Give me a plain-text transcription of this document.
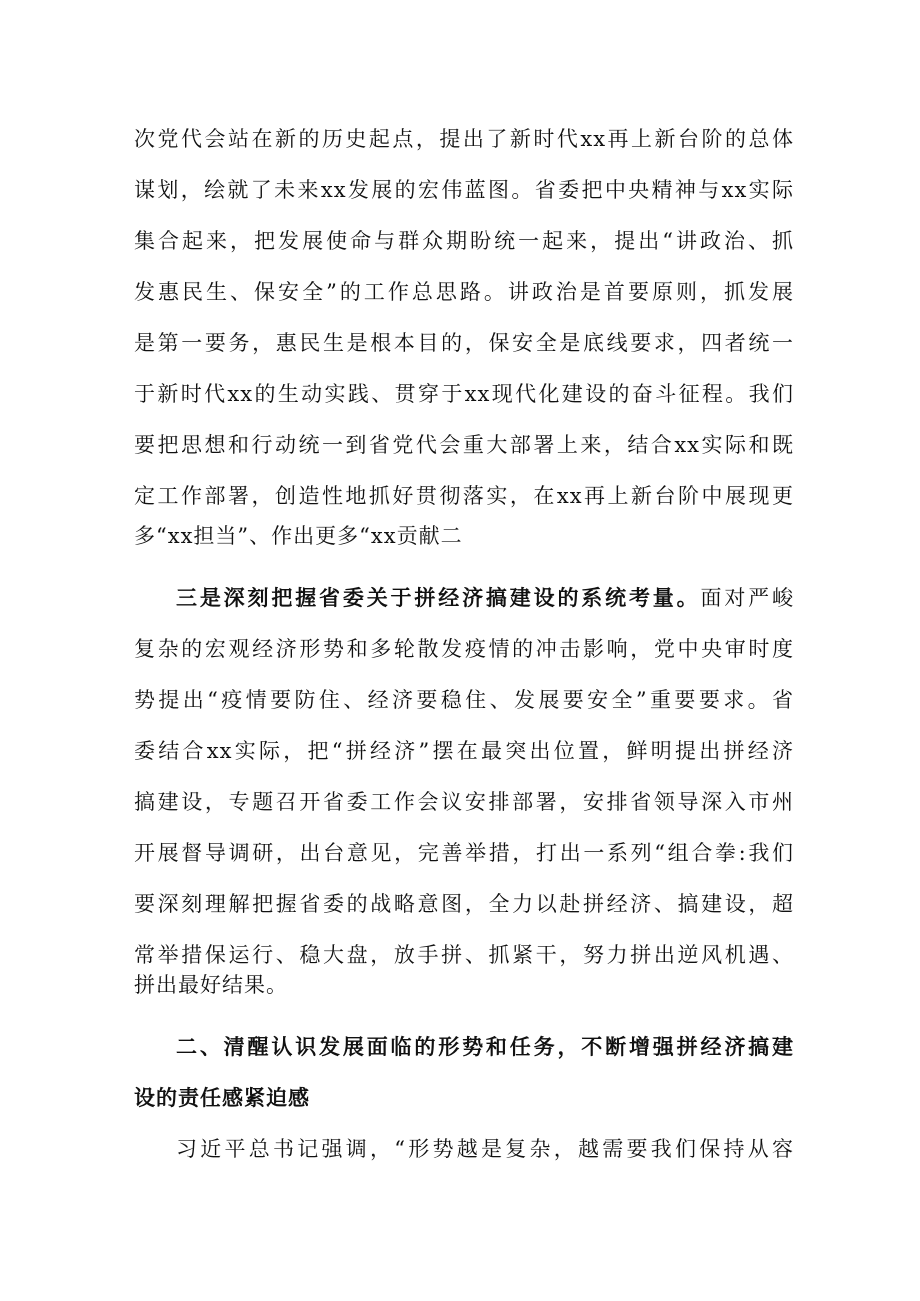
次党代会站在新的历史起点，提出了新时代xx再上新台阶的总体
谋划，绘就了未来xx发展的宏伟蓝图。省委把中央精神与xx实际
集合起来，把发展使命与群众期盼统一起来，提出“讲政治、抓
发惠民生、保安全”的工作总思路。讲政治是首要原则，抓发展
是第一要务，惠民生是根本目的，保安全是底线要求，四者统一
于新时代xx的生动实践、贯穿于xx现代化建设的奋斗征程。我们
要把思想和行动统一到省党代会重大部署上来，结合xx实际和既
定工作部署，创造性地抓好贯彻落实，在xx再上新台阶中展现更
多“xx担当”、作出更多“xx贡献二
三是深刻把握省委关于拼经济搞建设的系统考量。面对严峻
复杂的宏观经济形势和多轮散发疫情的冲击影响，党中央审时度
势提出“疫情要防住、经济要稳住、发展要安全”重要要求。省
委结合xx实际，把“拼经济”摆在最突出位置，鲜明提出拼经济
搞建设，专题召开省委工作会议安排部署，安排省领导深入市州
开展督导调研，出台意见，完善举措，打出一系列“组合拳:我们
要深刻理解把握省委的战略意图，全力以赴拼经济、搞建设，超
常举措保运行、稳大盘，放手拼、抓紧干，努力拼出逆风机遇、
拼出最好结果。
二、清醒认识发展面临的形势和任务，不断增强拼经济搞建
设的责任感紧迫感
习近平总书记强调，“形势越是复杂，越需要我们保持从容
